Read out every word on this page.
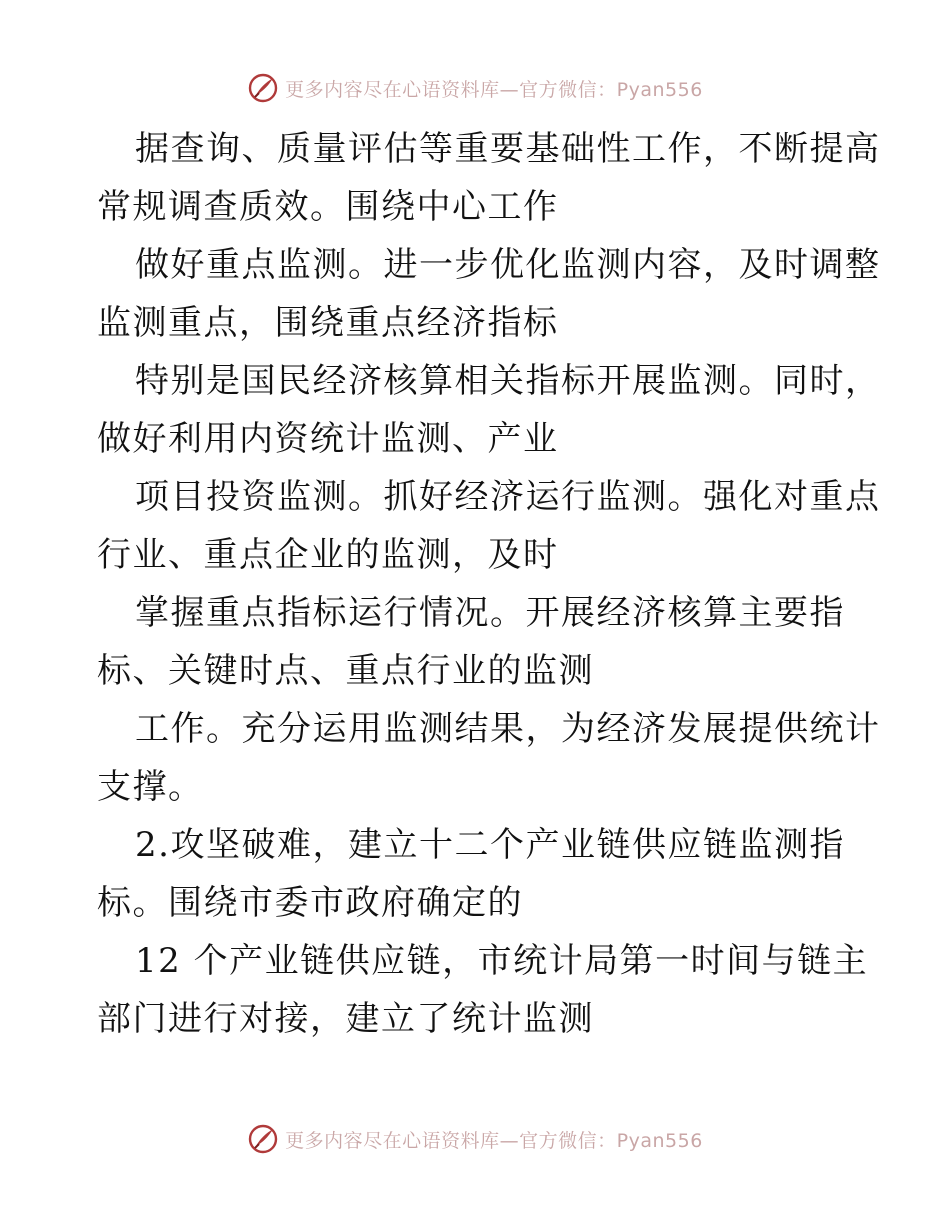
更多内容尽在心语资料库—官方微信：Pyan556

据查询、质量评估等重要基础性工作，不断提高
常规调查质效。围绕中心工作

做好重点监测。进一步优化监测内容，及时调整
监测重点，围绕重点经济指标

特别是国民经济核算相关指标开展监测。同时，
做好利用内资统计监测、产业

项目投资监测。抓好经济运行监测。强化对重点
行业、重点企业的监测，及时

掌握重点指标运行情况。开展经济核算主要指
标、关键时点、重点行业的监测

工作。充分运用监测结果，为经济发展提供统计
支撑。

2.攻坚破难，建立十二个产业链供应链监测指
标。围绕市委市政府确定的

12 个产业链供应链，市统计局第一时间与链主
部门进行对接，建立了统计监测

更多内容尽在心语资料库—官方微信：Pyan556
